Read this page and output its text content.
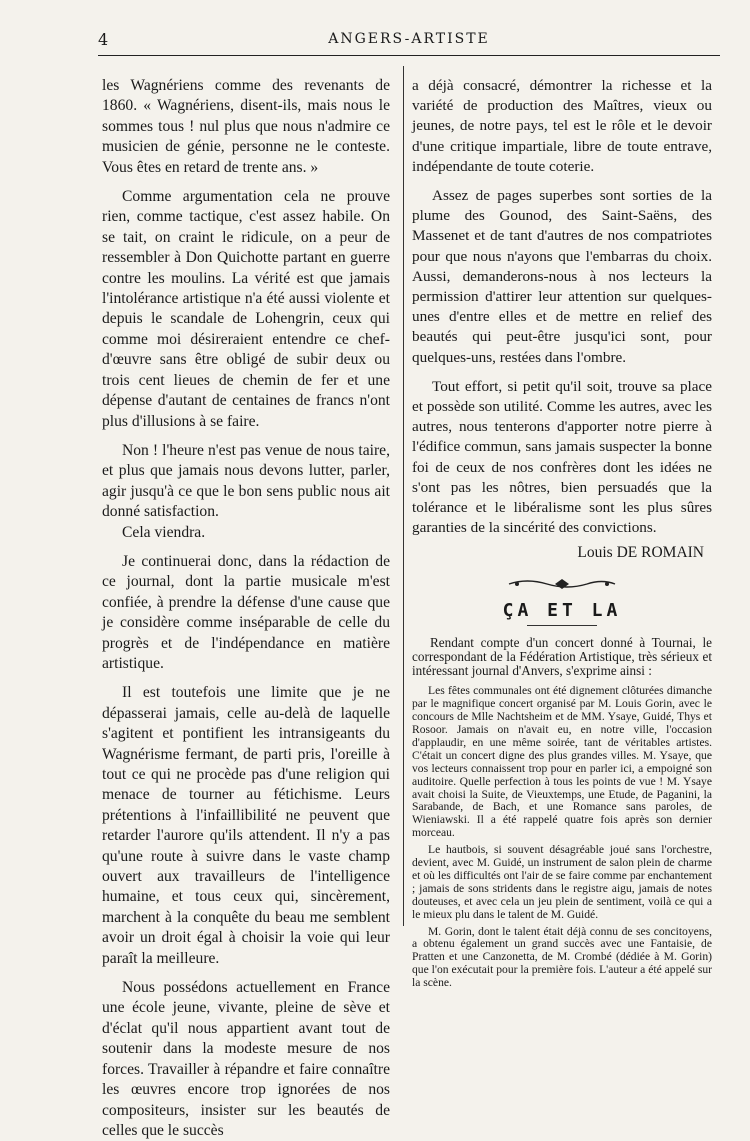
4	ANGERS-ARTISTE

les Wagnériens comme des revenants de 1860. « Wagnériens, disent-ils, mais nous le sommes tous ! nul plus que nous n'admire ce musicien de génie, personne ne le conteste. Vous êtes en retard de trente ans. »

Comme argumentation cela ne prouve rien, comme tactique, c'est assez habile. On se tait, on craint le ridicule, on a peur de ressembler à Don Quichotte partant en guerre contre les moulins. La vérité est que jamais l'intolérance artistique n'a été aussi violente et depuis le scandale de Lohengrin, ceux qui comme moi désireraient entendre ce chef-d'œuvre sans être obligé de subir deux ou trois cent lieues de chemin de fer et une dépense d'autant de centaines de francs n'ont plus d'illusions à se faire.

Non ! l'heure n'est pas venue de nous taire, et plus que jamais nous devons lutter, parler, agir jusqu'à ce que le bon sens public nous ait donné satisfaction.

Cela viendra.

Je continuerai donc, dans la rédaction de ce journal, dont la partie musicale m'est confiée, à prendre la défense d'une cause que je considère comme inséparable de celle du progrès et de l'indépendance en matière artistique.

Il est toutefois une limite que je ne dépasserai jamais, celle au-delà de laquelle s'agitent et pontifient les intransigeants du Wagnérisme fermant, de parti pris, l'oreille à tout ce qui ne procède pas d'une religion qui menace de tourner au fétichisme. Leurs prétentions à l'infaillibilité ne peuvent que retarder l'aurore qu'ils attendent. Il n'y a pas qu'une route à suivre dans le vaste champ ouvert aux travailleurs de l'intelligence humaine, et tous ceux qui, sincèrement, marchent à la conquête du beau me semblent avoir un droit égal à choisir la voie qui leur paraît la meilleure.

Nous possédons actuellement en France une école jeune, vivante, pleine de sève et d'éclat qu'il nous appartient avant tout de soutenir dans la modeste mesure de nos forces. Travailler à répandre et faire connaître les œuvres encore trop ignorées de nos compositeurs, insister sur les beautés de celles que le succès

a déjà consacré, démontrer la richesse et la variété de production des Maîtres, vieux ou jeunes, de notre pays, tel est le rôle et le devoir d'une critique impartiale, libre de toute entrave, indépendante de toute coterie.

Assez de pages superbes sont sorties de la plume des Gounod, des Saint-Saëns, des Massenet et de tant d'autres de nos compatriotes pour que nous n'ayons que l'embarras du choix. Aussi, demanderons-nous à nos lecteurs la permission d'attirer leur attention sur quelques-unes d'entre elles et de mettre en relief des beautés qui peut-être jusqu'ici sont, pour quelques-uns, restées dans l'ombre.

Tout effort, si petit qu'il soit, trouve sa place et possède son utilité. Comme les autres, avec les autres, nous tenterons d'apporter notre pierre à l'édifice commun, sans jamais suspecter la bonne foi de ceux de nos confrères dont les idées ne s'ont pas les nôtres, bien persuadés que la tolérance et le libéralisme sont les plus sûres garanties de la sincérité des convictions.

Louis DE ROMAIN

ÇA ET LA

Rendant compte d'un concert donné à Tournai, le correspondant de la Fédération Artistique, très sérieux et intéressant journal d'Anvers, s'exprime ainsi :

Les fêtes communales ont été dignement clôturées dimanche par le magnifique concert organisé par M. Louis Gorin, avec le concours de Mlle Nachtsheim et de MM. Ysaye, Guidé, Thys et Rosoor. Jamais on n'avait eu, en notre ville, l'occasion d'applaudir, en une même soirée, tant de véritables artistes. C'était un concert digne des plus grandes villes. M. Ysaye, que vos lecteurs connaissent trop pour en parler ici, a empoigné son auditoire. Quelle perfection à tous les points de vue ! M. Ysaye avait choisi la Suite, de Vieuxtemps, une Etude, de Paganini, la Sarabande, de Bach, et une Romance sans paroles, de Wieniawski. Il a été rappelé quatre fois après son dernier morceau.

Le hautbois, si souvent désagréable joué sans l'orchestre, devient, avec M. Guidé, un instrument de salon plein de charme et où les difficultés ont l'air de se faire comme par enchantement ; jamais de sons stridents dans le registre aigu, jamais de notes douteuses, et avec cela un jeu plein de sentiment, voilà ce qui a le mieux plu dans le talent de M. Guidé.

M. Gorin, dont le talent était déjà connu de ses concitoyens, a obtenu également un grand succès avec une Fantaisie, de Pratten et une Canzonetta, de M. Crombé (dédiée à M. Gorin) que l'on exécutait pour la première fois. L'auteur a été appelé sur la scène.
